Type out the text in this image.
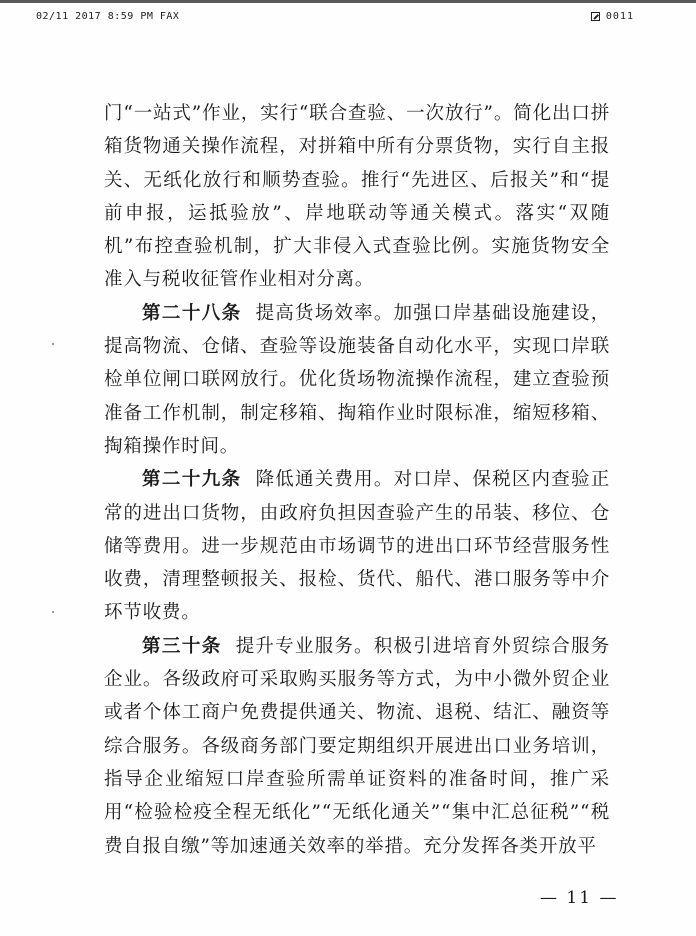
02/11 2017 8:59 PM FAX	0011

门“一站式”作业，实行“联合查验、一次放行”。简化出口拼箱货物通关操作流程，对拼箱中所有分票货物，实行自主报关、无纸化放行和顺势查验。推行“先进区、后报关”和“提前申报，运抵验放”、岸地联动等通关模式。落实“双随机”布控查验机制，扩大非侵入式查验比例。实施货物安全准入与税收征管作业相对分离。

第二十八条 提高货场效率。加强口岸基础设施建设，提高物流、仓储、查验等设施装备自动化水平，实现口岸联检单位闸口联网放行。优化货场物流操作流程，建立查验预准备工作机制，制定移箱、掏箱作业时限标准，缩短移箱、掏箱操作时间。

第二十九条 降低通关费用。对口岸、保税区内查验正常的进出口货物，由政府负担因查验产生的吊装、移位、仓储等费用。进一步规范由市场调节的进出口环节经营服务性收费，清理整顿报关、报检、货代、船代、港口服务等中介环节收费。

第三十条 提升专业服务。积极引进培育外贸综合服务企业。各级政府可采取购买服务等方式，为中小微外贸企业或者个体工商户免费提供通关、物流、退税、结汇、融资等综合服务。各级商务部门要定期组织开展进出口业务培训，指导企业缩短口岸查验所需单证资料的准备时间，推广采用“检验检疫全程无纸化”“无纸化通关”“集中汇总征税”“税费自报自缴”等加速通关效率的举措。充分发挥各类开放平

— 11 —
